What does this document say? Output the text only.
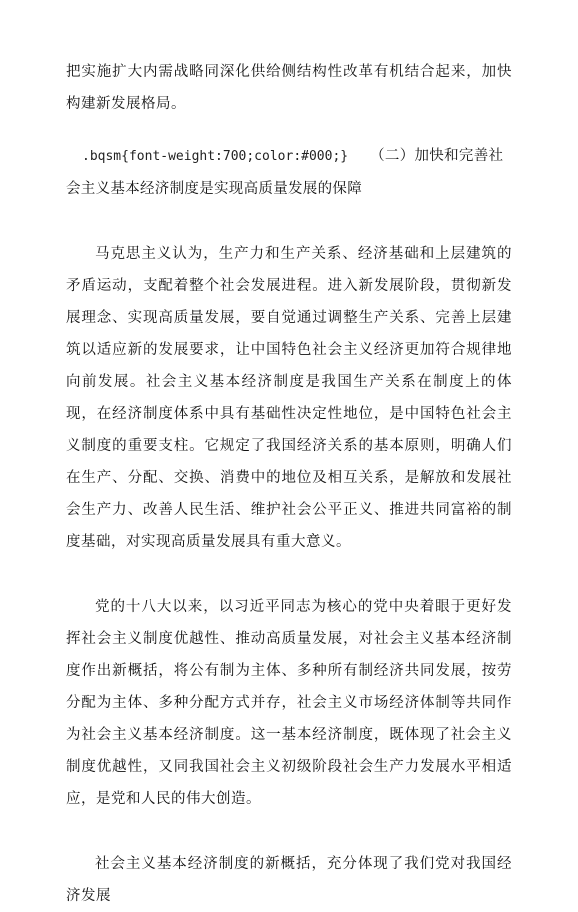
把实施扩大内需战略同深化供给侧结构性改革有机结合起来，加快构建新发展格局。

.bqsm{font-weight:700;color:#000;} （二）加快和完善社会主义基本经济制度是实现高质量发展的保障

马克思主义认为，生产力和生产关系、经济基础和上层建筑的矛盾运动，支配着整个社会发展进程。进入新发展阶段，贯彻新发展理念、实现高质量发展，要自觉通过调整生产关系、完善上层建筑以适应新的发展要求，让中国特色社会主义经济更加符合规律地向前发展。社会主义基本经济制度是我国生产关系在制度上的体现，在经济制度体系中具有基础性决定性地位，是中国特色社会主义制度的重要支柱。它规定了我国经济关系的基本原则，明确人们在生产、分配、交换、消费中的地位及相互关系，是解放和发展社会生产力、改善人民生活、维护社会公平正义、推进共同富裕的制度基础，对实现高质量发展具有重大意义。

党的十八大以来，以习近平同志为核心的党中央着眼于更好发挥社会主义制度优越性、推动高质量发展，对社会主义基本经济制度作出新概括，将公有制为主体、多种所有制经济共同发展，按劳分配为主体、多种分配方式并存，社会主义市场经济体制等共同作为社会主义基本经济制度。这一基本经济制度，既体现了社会主义制度优越性，又同我国社会主义初级阶段社会生产力发展水平相适应，是党和人民的伟大创造。

社会主义基本经济制度的新概括，充分体现了我们党对我国经济发展
